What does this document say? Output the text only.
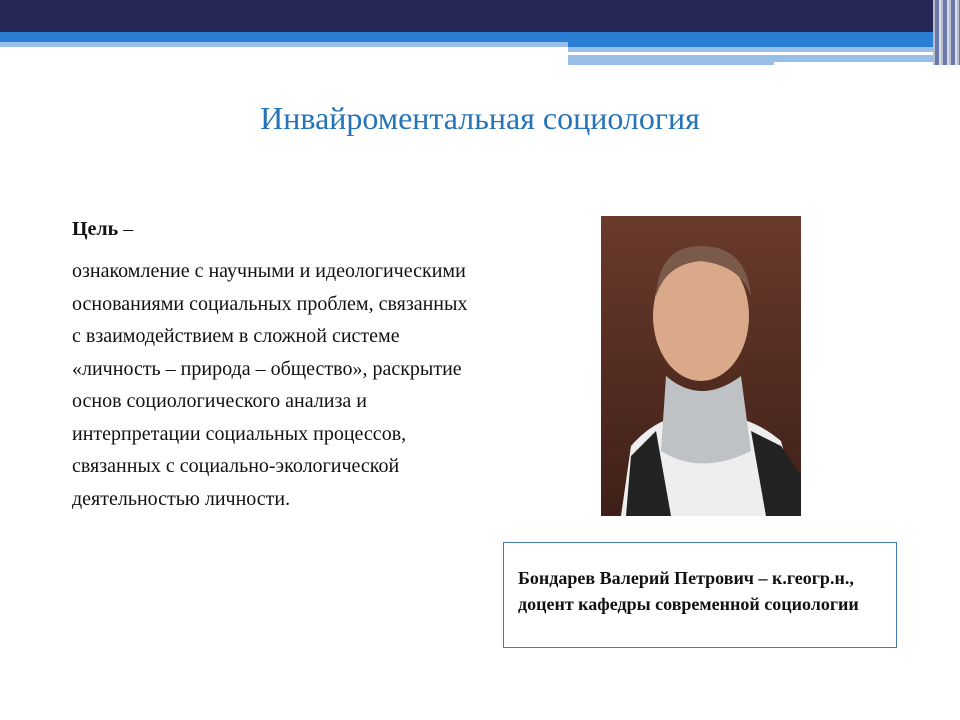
Инвайроментальная социология
Цель –
ознакомление с научными и идеологическими основаниями социальных проблем, связанных с взаимодействием в сложной системе «личность – природа – общество», раскрытие основ социологического анализа и интерпретации социальных процессов, связанных с социально-экологической деятельностью личности.
Бондарев Валерий Петрович – к.геогр.н., доцент кафедры современной социологии
